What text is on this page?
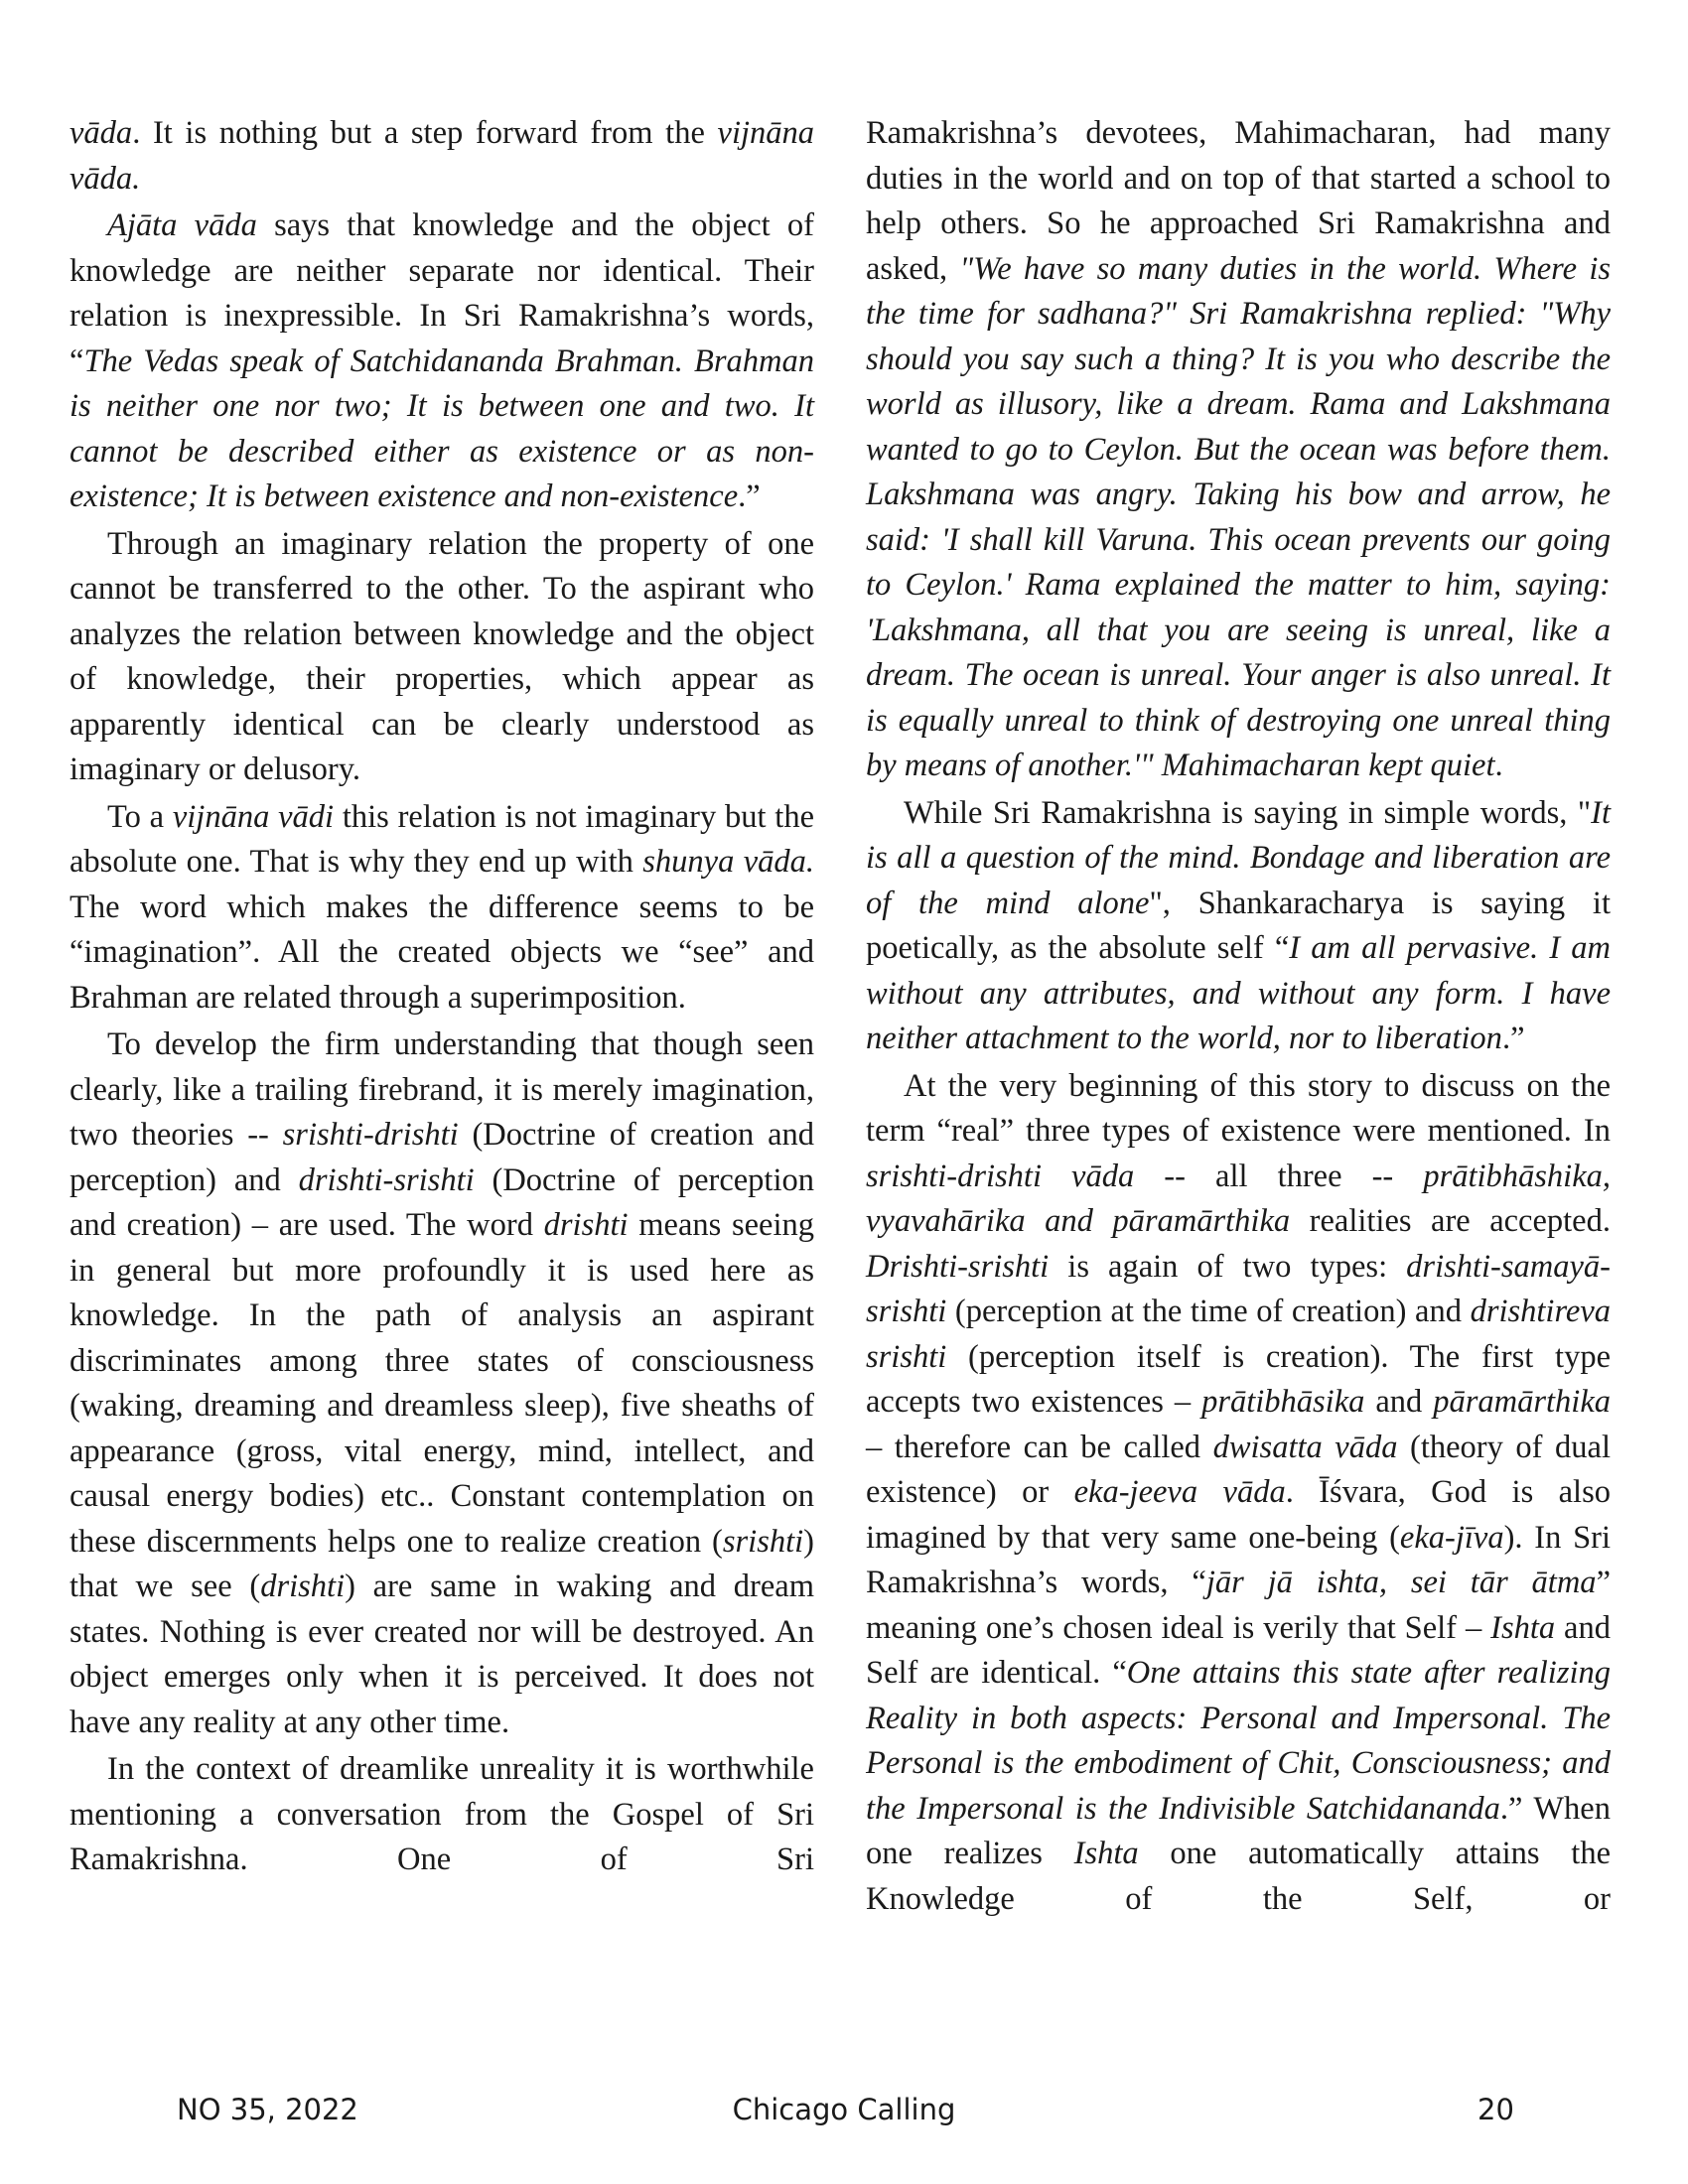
vāda. It is nothing but a step forward from the vijnāna vāda.

Ajāta vāda says that knowledge and the object of knowledge are neither separate nor identical. Their relation is inexpressible. In Sri Ramakrishna’s words, “The Vedas speak of Satchidananda Brahman. Brahman is neither one nor two; It is between one and two. It cannot be described either as existence or as non-existence; It is between existence and non-existence.”

Through an imaginary relation the property of one cannot be transferred to the other. To the aspirant who analyzes the relation between knowledge and the object of knowledge, their properties, which appear as apparently identical can be clearly understood as imaginary or delusory.

To a vijnāna vādi this relation is not imaginary but the absolute one. That is why they end up with shunya vāda. The word which makes the difference seems to be “imagination”. All the created objects we “see” and Brahman are related through a superimposition.

To develop the firm understanding that though seen clearly, like a trailing firebrand, it is merely imagination, two theories -- srishti-drishti (Doctrine of creation and perception) and drishti-srishti (Doctrine of perception and creation) – are used. The word drishti means seeing in general but more profoundly it is used here as knowledge. In the path of analysis an aspirant discriminates among three states of consciousness (waking, dreaming and dreamless sleep), five sheaths of appearance (gross, vital energy, mind, intellect, and causal energy bodies) etc.. Constant contemplation on these discernments helps one to realize creation (srishti) that we see (drishti) are same in waking and dream states. Nothing is ever created nor will be destroyed. An object emerges only when it is perceived. It does not have any reality at any other time.

In the context of dreamlike unreality it is worthwhile mentioning a conversation from the Gospel of Sri Ramakrishna. One of Sri

Ramakrishna’s devotees, Mahimacharan, had many duties in the world and on top of that started a school to help others. So he approached Sri Ramakrishna and asked, "We have so many duties in the world. Where is the time for sadhana?" Sri Ramakrishna replied: "Why should you say such a thing? It is you who describe the world as illusory, like a dream. Rama and Lakshmana wanted to go to Ceylon. But the ocean was before them. Lakshmana was angry. Taking his bow and arrow, he said: 'I shall kill Varuna. This ocean prevents our going to Ceylon.' Rama explained the matter to him, saying: 'Lakshmana, all that you are seeing is unreal, like a dream. The ocean is unreal. Your anger is also unreal. It is equally unreal to think of destroying one unreal thing by means of another.'" Mahimacharan kept quiet.

While Sri Ramakrishna is saying in simple words, "It is all a question of the mind. Bondage and liberation are of the mind alone", Shankaracharya is saying it poetically, as the absolute self “I am all pervasive. I am without any attributes, and without any form. I have neither attachment to the world, nor to liberation.”

At the very beginning of this story to discuss on the term “real” three types of existence were mentioned. In srishti-drishti vāda -- all three -- prātibhāshika, vyavahārika and pāramārthika realities are accepted. Drishti-srishti is again of two types: drishti-samayā-srishti (perception at the time of creation) and drishtireva srishti (perception itself is creation). The first type accepts two existences – prātibhāsika and pāramārthika – therefore can be called dwisatta vāda (theory of dual existence) or eka-jeeva vāda. Īśvara, God is also imagined by that very same one-being (eka-jīva). In Sri Ramakrishna’s words, “jār jā ishta, sei tār ātma” meaning one’s chosen ideal is verily that Self – Ishta and Self are identical. “One attains this state after realizing Reality in both aspects: Personal and Impersonal. The Personal is the embodiment of Chit, Consciousness; and the Impersonal is the Indivisible Satchidananda.” When one realizes Ishta one automatically attains the Knowledge of the Self, or

Chicago Calling
NO 35, 2022	20
